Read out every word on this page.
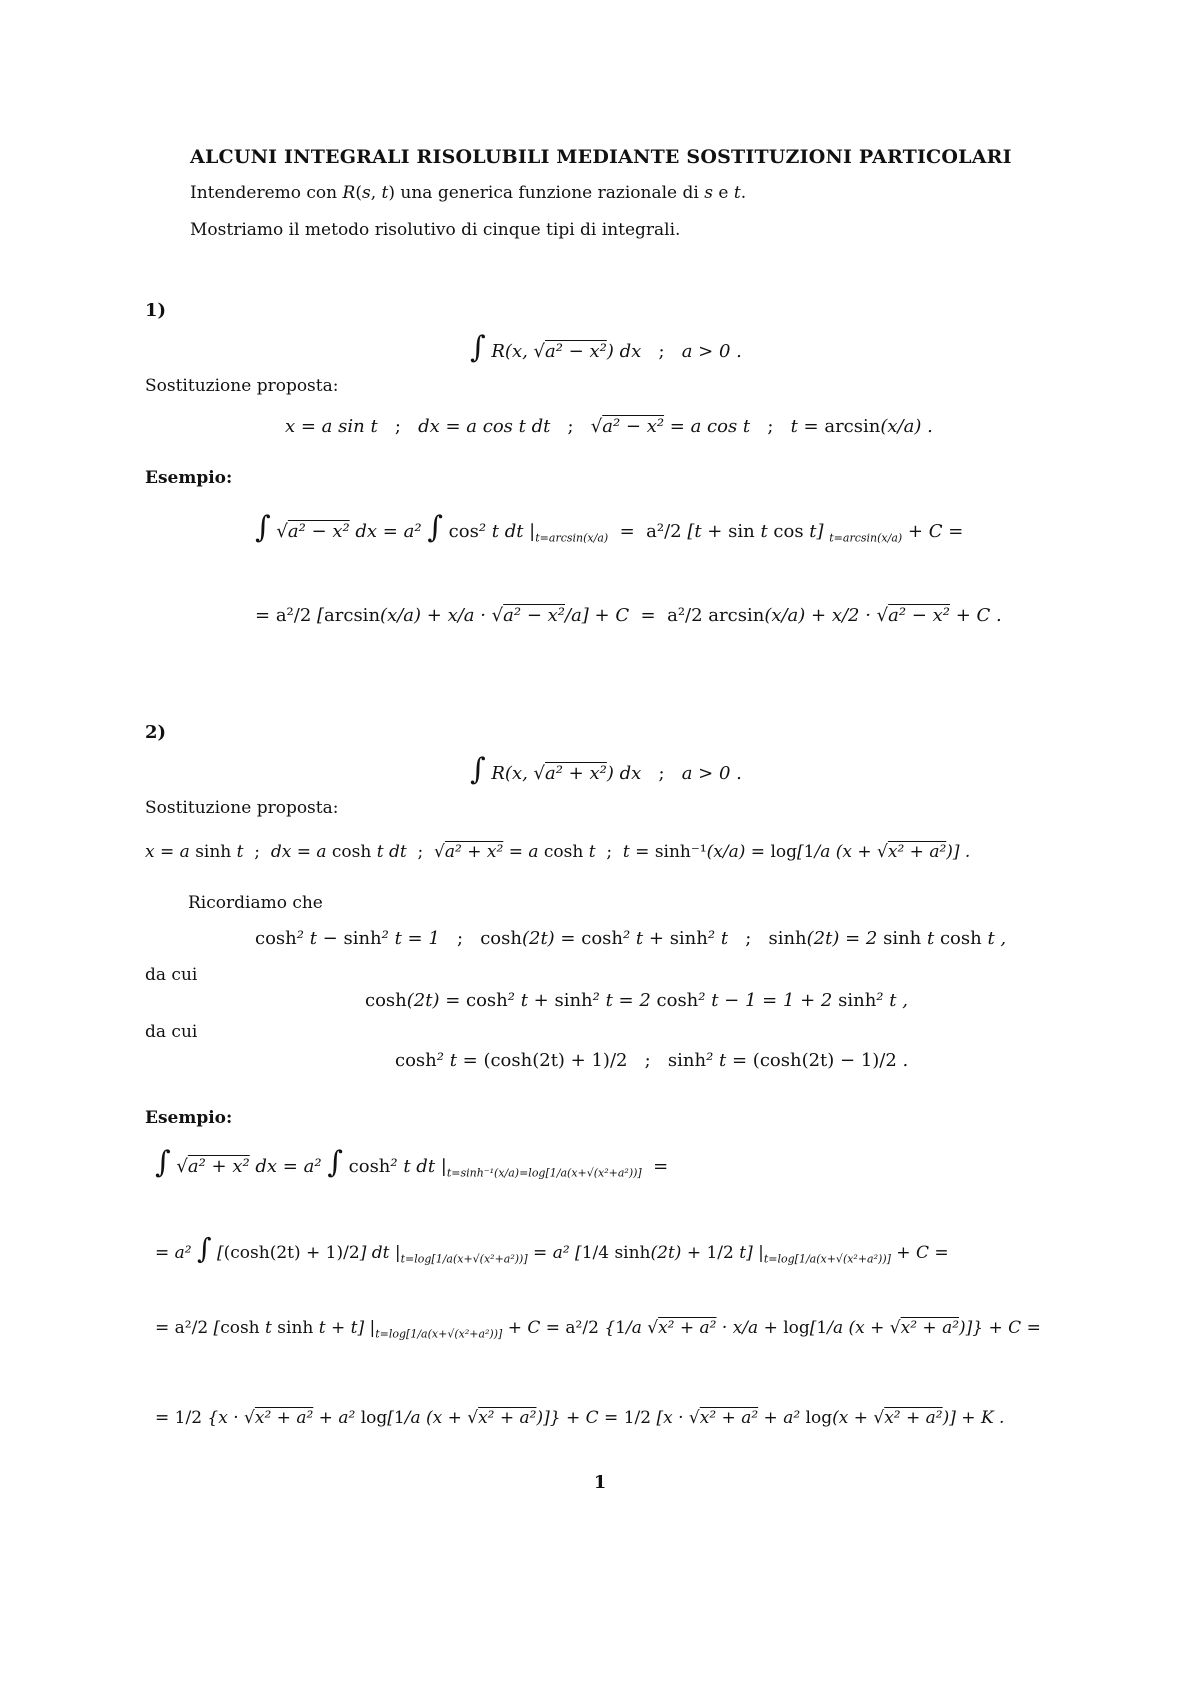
ALCUNI INTEGRALI RISOLUBILI MEDIANTE SOSTITUZIONI PARTICOLARI
Intenderemo con R(s, t) una generica funzione razionale di s e t.
Mostriamo il metodo risolutivo di cinque tipi di integrali.
1)
∫ R(x, √a² − x²) dx   ;   a > 0 .
Sostituzione proposta:
x = a sin t   ;   dx = a cos t dt   ;   √a² − x² = a cos t   ;   t = arcsin(x/a) .
Esempio:
∫ √a² − x² dx = a² ∫ cos² t dt $|_{t=arcsin(x/a)} = a^2/2$ [t + sin t cos t] $_{t=arcsin(x/a)}$ + C =
= a²/2 [arcsin(x/a) + x/a · √a² − x²/a] + C  =  a²/2 arcsin(x/a) + x/2 · √a² − x² + C .
2)
∫ R(x, √a² + x²) dx   ;   a > 0 .
Sostituzione proposta:
x = a sinh t  ;  dx = a cosh t dt  ;  √a² + x² = a cosh t  ;  t = sinh⁻¹(x/a) = log[1/a (x + √x² + a²)] .
Ricordiamo che
cosh² t − sinh² t = 1   ; cosh(2t) = cosh² t + sinh² t   ; sinh(2t) = 2 sinh t cosh t ,
da cui
cosh(2t) = cosh² t + sinh² t = 2 cosh² t − 1 = 1 + 2 sinh² t ,
da cui
cosh² t = (cosh(2t) + 1)/2 ; sinh² t = (cosh(2t) − 1)/2 .
Esempio:
∫ √a² + x² dx = a² ∫ cosh² t dt $|_{t=sinh^{-1}(x/a)=log[1/a(x+√(x^2+a^2))]}$  =
= a² ∫ [(cosh(2t) + 1)/2] dt $|_{t=log[1/a(x+√(x^2+a^2))]} = a^2$ [1/4 sinh(2t) + 1/2 t] $|_{t=log[1/a(x+√(x^2+a^2))]} + C$ =
= a²/2 [cosh t sinh t + t] $|_{t=log[1/a(x+√(x^2+a^2))]} + C = a^2/2$ {1/a √x² + a² · x/a + log[1/a (x + √x² + a²)]} + C =
= 1/2 {x · √x² + a² + a² log[1/a (x + √x² + a²)]} + C = 1/2 [x · √x² + a² + a² log(x + √x² + a²)] + K .
1
